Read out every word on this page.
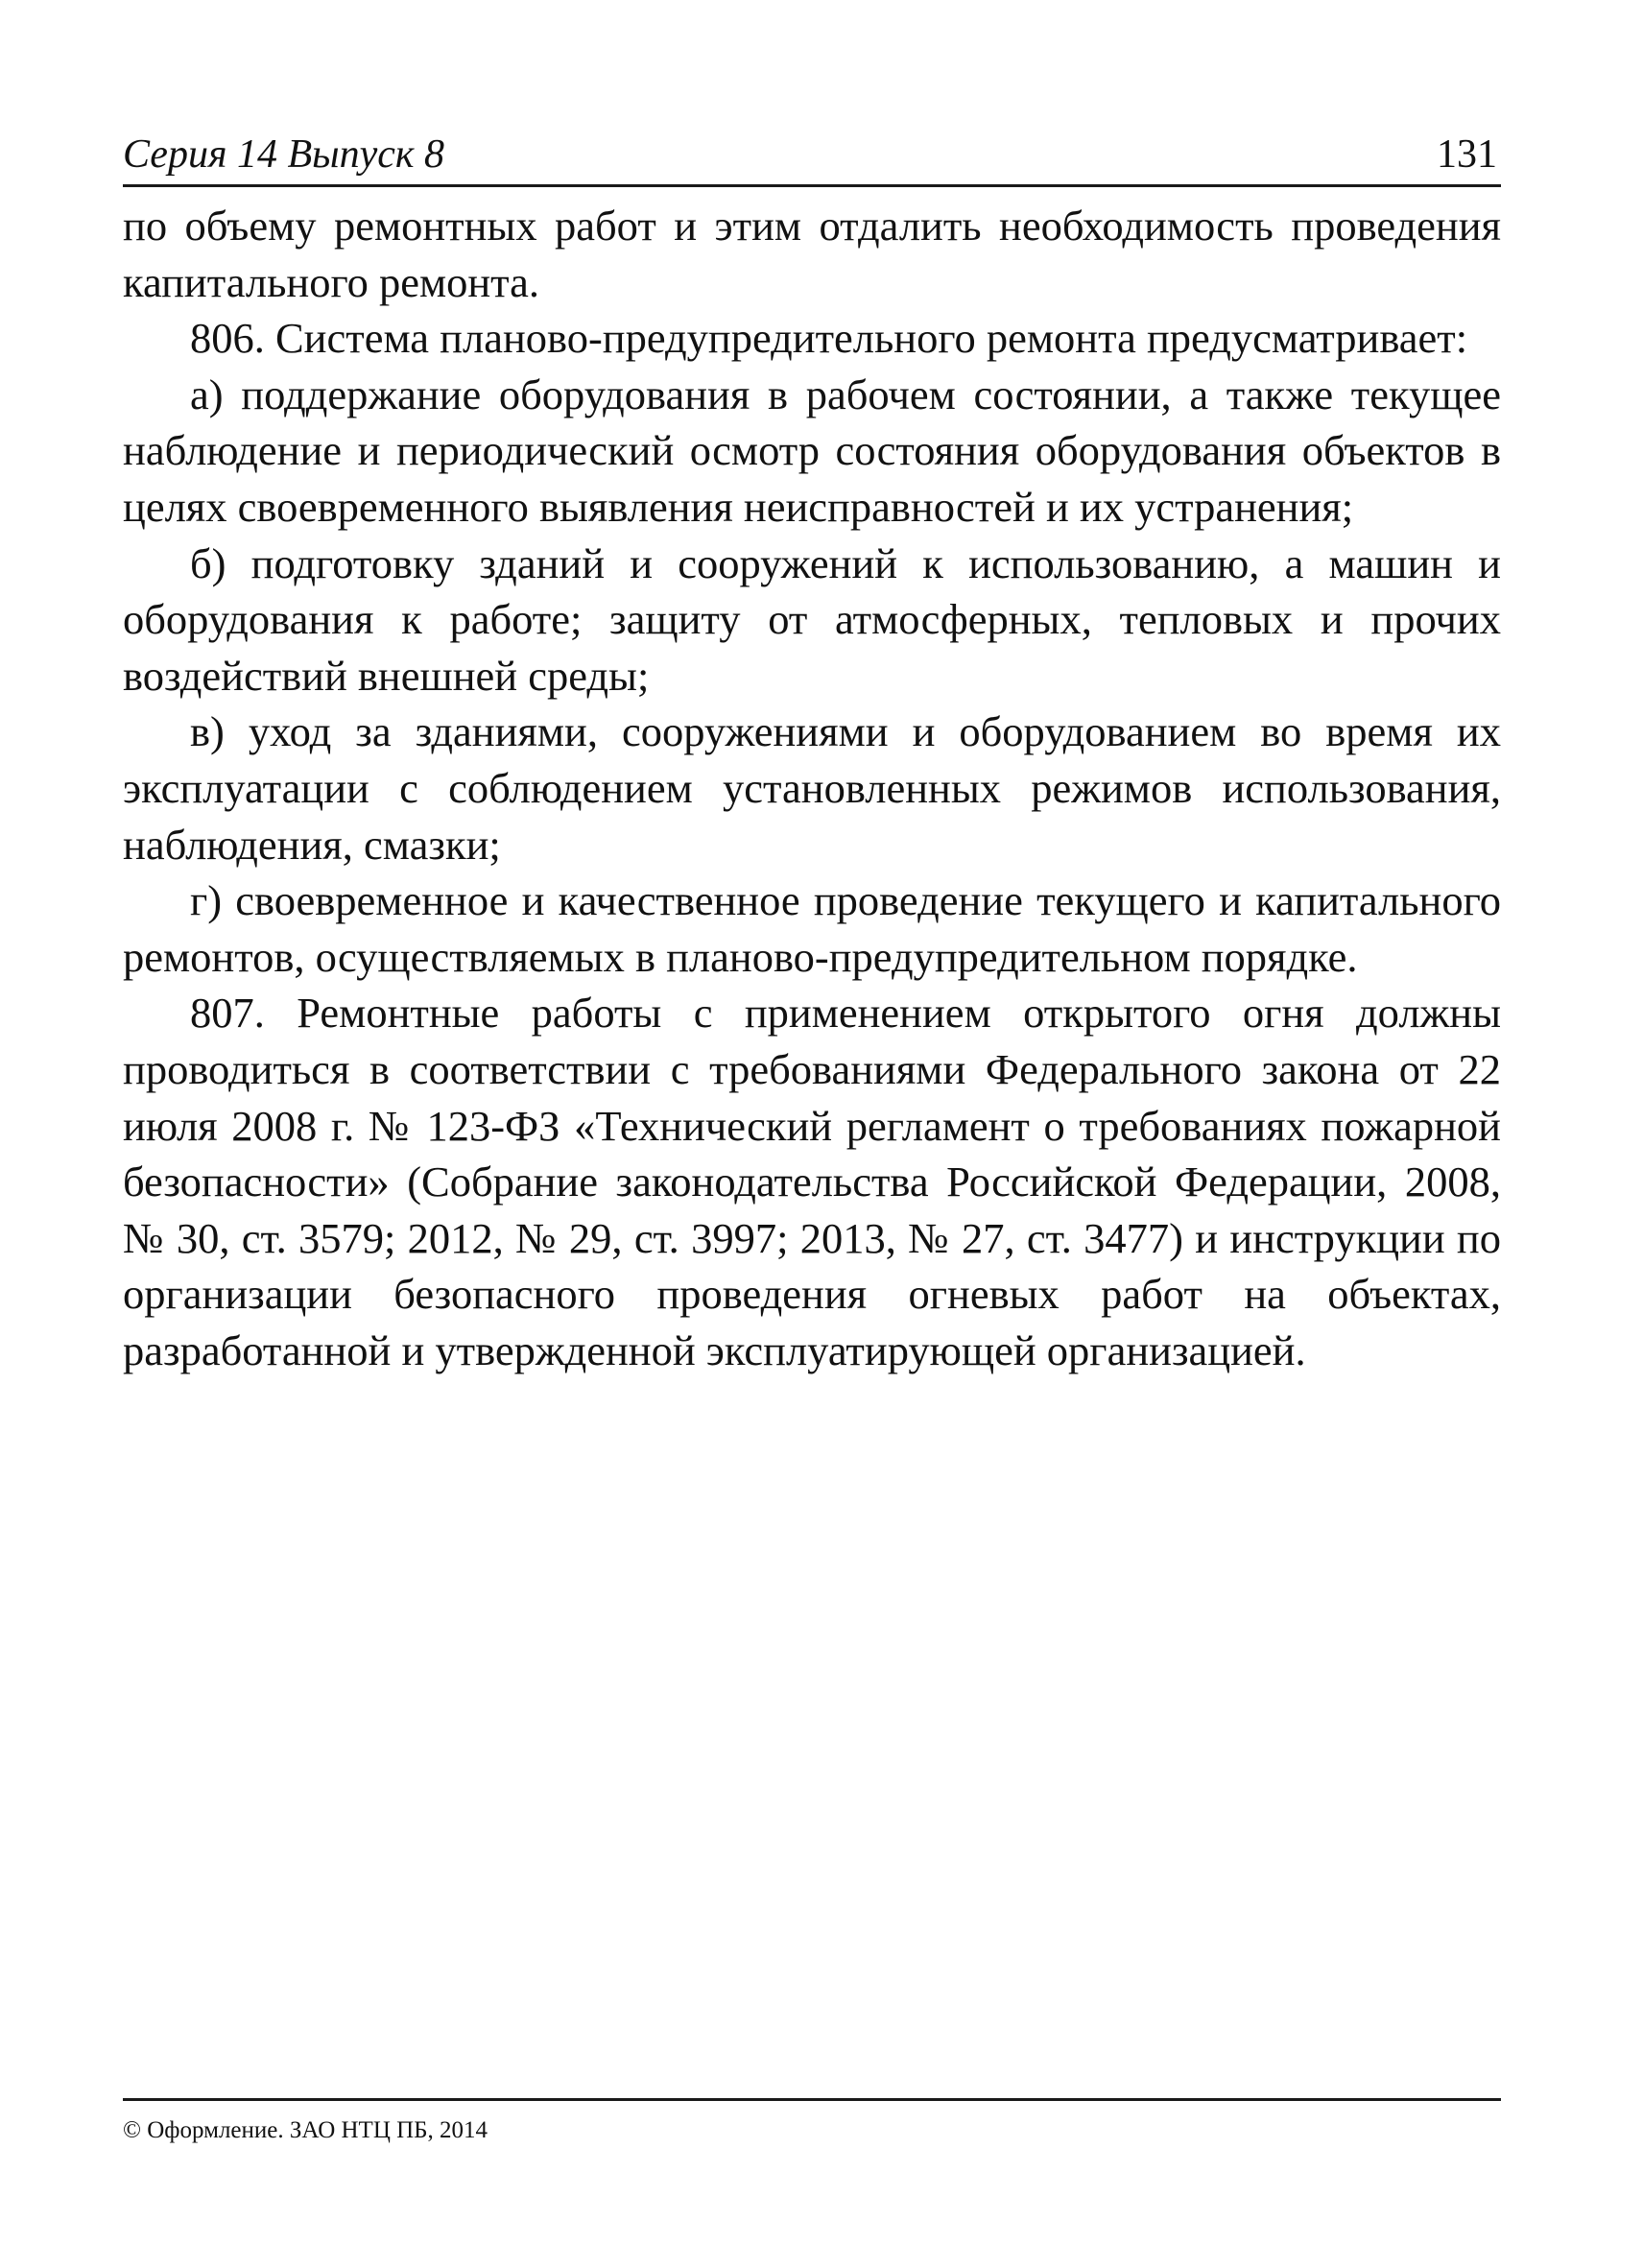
Серия 14 Выпуск 8	131

по объему ремонтных работ и этим отдалить необходимость проведения капитального ремонта.

806. Система планово-предупредительного ремонта предусматривает:

а) поддержание оборудования в рабочем состоянии, а также текущее наблюдение и периодический осмотр состояния оборудования объектов в целях своевременного выявления неисправностей и их устранения;

б) подготовку зданий и сооружений к использованию, а машин и оборудования к работе; защиту от атмосферных, тепловых и прочих воздействий внешней среды;

в) уход за зданиями, сооружениями и оборудованием во время их эксплуатации с соблюдением установленных режимов использования, наблюдения, смазки;

г) своевременное и качественное проведение текущего и капитального ремонтов, осуществляемых в планово-предупредительном порядке.

807. Ремонтные работы с применением открытого огня должны проводиться в соответствии с требованиями Федерального закона от 22 июля 2008 г. № 123-ФЗ «Технический регламент о требованиях пожарной безопасности» (Собрание законодательства Российской Федерации, 2008, № 30, ст. 3579; 2012, № 29, ст. 3997; 2013, № 27, ст. 3477) и инструкции по организации безопасного проведения огневых работ на объектах, разработанной и утвержденной эксплуатирующей организацией.

© Оформление. ЗАО НТЦ ПБ, 2014
